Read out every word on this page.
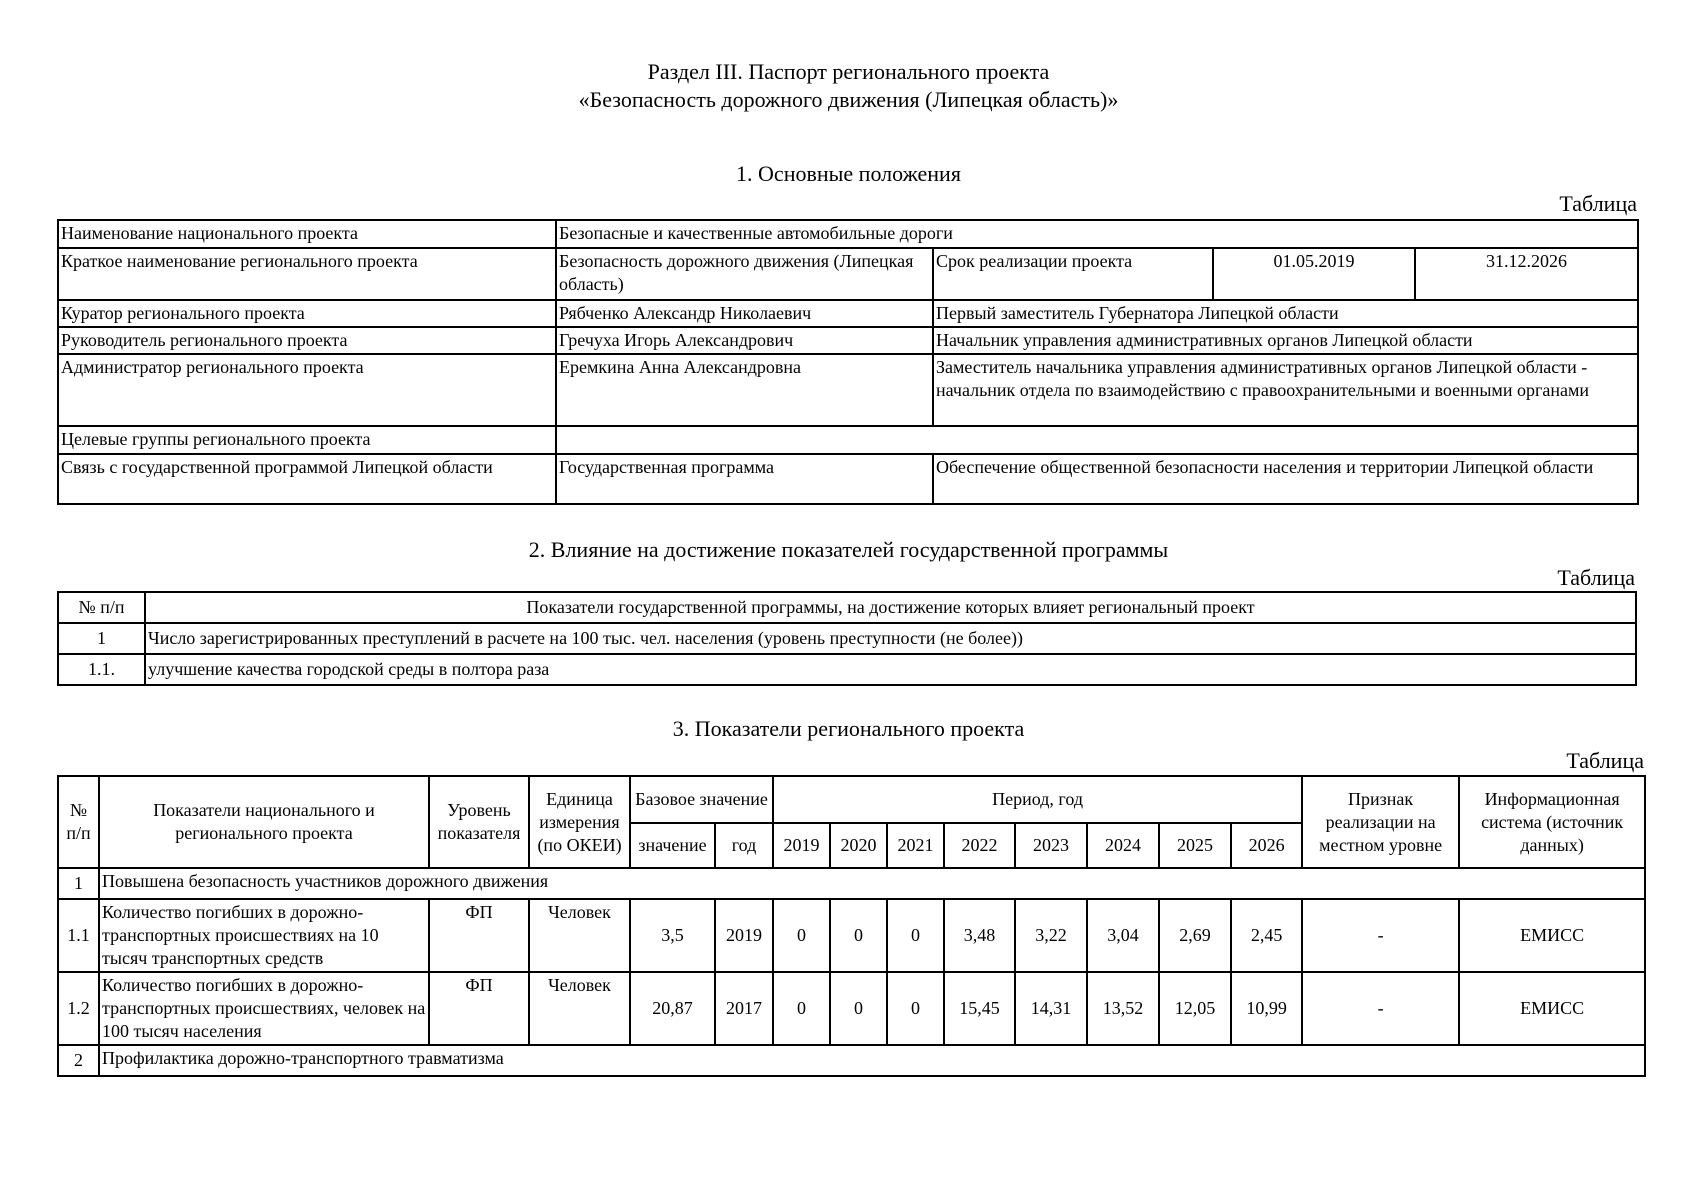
Раздел III. Паспорт регионального проекта
«Безопасность дорожного движения (Липецкая область)»
1. Основные положения
Таблица
Наименование национального проекта	Безопасные и качественные автомобильные дороги			
Краткое наименование регионального проекта	Безопасность дорожного движения (Липецкая область)	Срок реализации проекта	01.05.2019	31.12.2026
Куратор регионального проекта	Рябченко Александр Николаевич	Первый заместитель Губернатора Липецкой области		
Руководитель регионального проекта	Гречуха Игорь Александрович	Начальник управления административных органов Липецкой области		
Администратор регионального проекта	Еремкина Анна Александровна	Заместитель начальника управления административных органов Липецкой области - начальник отдела по взаимодействию с правоохранительными и военными органами		
Целевые группы регионального проекта				
Связь с государственной программой Липецкой области	Государственная программа	Обеспечение общественной безопасности населения и территории Липецкой области		
2. Влияние на достижение показателей государственной программы
Таблица
№ п/п	Показатели государственной программы, на достижение которых влияет региональный проект
1	Число зарегистрированных преступлений в расчете на 100 тыс. чел. населения (уровень преступности (не более))
1.1.	улучшение качества городской среды в полтора раза
3. Показатели регионального проекта
Таблица
№ п/п	Показатели национального и регионального проекта	Уровень показателя	Единица измерения (по ОКЕИ)	Базовое значение		Период, год								Признак реализации на местном уровне	Информационная система (источник данных)
				значение	год	2019	2020	2021	2022	2023	2024	2025	2026		
1	Повышена безопасность участников дорожного движения														
1.1	Количество погибших в дорожно-транспортных происшествиях на 10 тысяч транспортных средств	ФП	Человек	3,5	2019	0	0	0	3,48	3,22	3,04	2,69	2,45	-	ЕМИСС
1.2	Количество погибших в дорожно-транспортных происшествиях, человек на 100 тысяч населения	ФП	Человек	20,87	2017	0	0	0	15,45	14,31	13,52	12,05	10,99	-	ЕМИСС
2	Профилактика дорожно-транспортного травматизма														
